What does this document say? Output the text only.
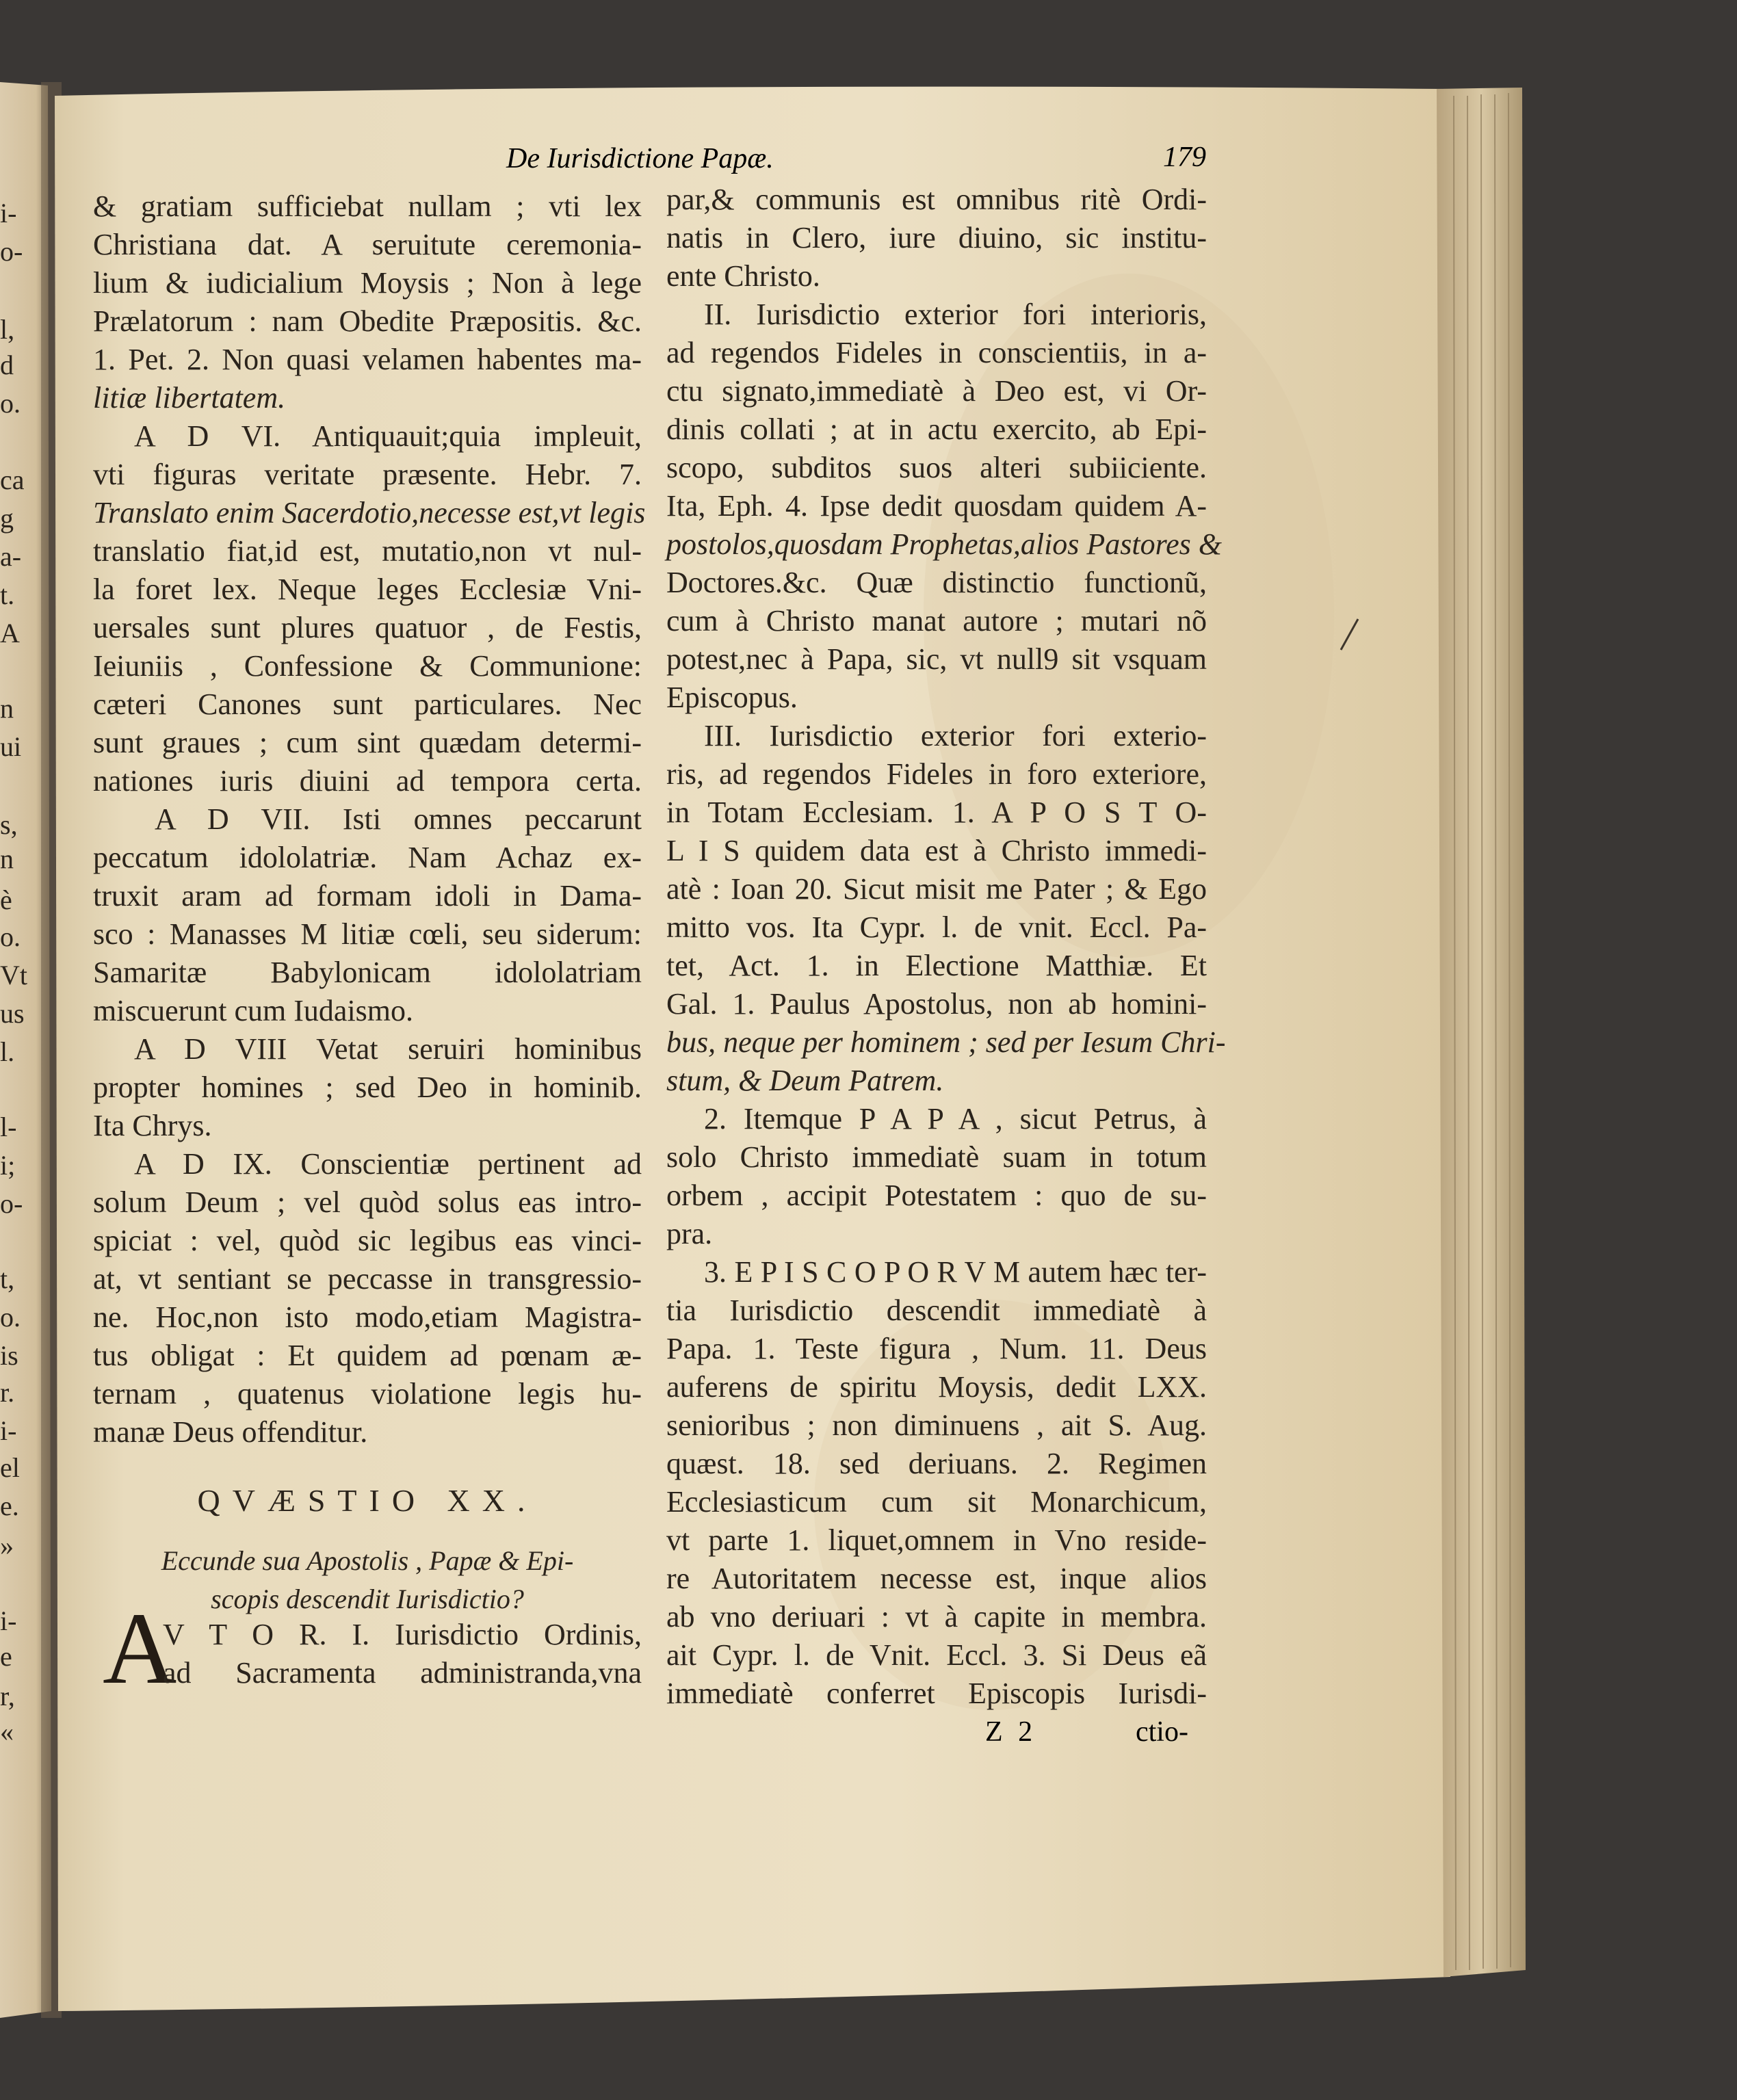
i-
o-
l,
d
o.
ca
g
a-
t.
A
n
ui
s,
n
è
o.
Vt
us
l.
l-
i;
o-
t,
o.
is
r.
i-
el
e.
»
i-
e
r,
«
De Iurisdictione Papæ.	179
& gratiam sufficiebat nullam ; vti lex
Christiana dat. A seruitute ceremonia-
lium & iudicialium Moysis ; Non à lege
Prælatorum : nam Obedite Præpositis. &c.
1. Pet. 2. Non quasi velamen habentes ma-
litiæ libertatem.
A D VI. Antiquauit;quia impleuit,
vti figuras veritate præsente. Hebr. 7.
Translato enim Sacerdotio,necesse est,vt legis
translatio fiat,id est, mutatio,non vt nul-
la foret lex. Neque leges Ecclesiæ Vni-
uersales sunt plures quatuor , de Festis,
Ieiuniis , Confessione & Communione:
cæteri Canones sunt particulares. Nec
sunt graues ; cum sint quædam determi-
nationes iuris diuini ad tempora certa.
A D VII. Isti omnes peccarunt
peccatum idololatriæ. Nam Achaz ex-
truxit aram ad formam idoli in Dama-
sco : Manasses M litiæ cœli, seu siderum:
Samaritæ Babylonicam idololatriam
miscuerunt cum Iudaismo.
A D VIII Vetat seruiri hominibus
propter homines ; sed Deo in hominib.
Ita Chrys.
A D IX. Conscientiæ pertinent ad
solum Deum ; vel quòd solus eas intro-
spiciat : vel, quòd sic legibus eas vinci-
at, vt sentiant se peccasse in transgressio-
ne. Hoc,non isto modo,etiam Magistra-
tus obligat : Et quidem ad pœnam æ-
ternam , quatenus violatione legis hu-
manæ Deus offenditur.
QVÆSTIO XX.
Eccunde sua Apostolis , Papæ & Epi-
scopis descendit Iurisdictio?
A
V T O R. I. Iurisdictio Ordinis,
ad Sacramenta administranda,vna
par,& communis est omnibus ritè Ordi-
natis in Clero, iure diuino, sic institu-
ente Christo.
II. Iurisdictio exterior fori interioris,
ad regendos Fideles in conscientiis, in a-
ctu signato,immediatè à Deo est, vi Or-
dinis collati ; at in actu exercito, ab Epi-
scopo, subditos suos alteri subiiciente.
Ita, Eph. 4. Ipse dedit quosdam quidem A-
postolos,quosdam Prophetas,alios Pastores &
Doctores.&c. Quæ distinctio functionũ,
cum à Christo manat autore ; mutari nõ
potest,nec à Papa, sic, vt null9 sit vsquam
Episcopus.
III. Iurisdictio exterior fori exterio-
ris, ad regendos Fideles in foro exteriore,
in Totam Ecclesiam. 1. A P O S T O-
L I S quidem data est à Christo immedi-
atè : Ioan 20. Sicut misit me Pater ; & Ego
mitto vos. Ita Cypr. l. de vnit. Eccl. Pa-
tet, Act. 1. in Electione Matthiæ. Et
Gal. 1. Paulus Apostolus, non ab homini-
bus, neque per hominem ; sed per Iesum Chri-
stum, & Deum Patrem.
2. Itemque P A P A , sicut Petrus, à
solo Christo immediatè suam in totum
orbem , accipit Potestatem : quo de su-
pra.
3. E P I S C O P O R V M autem hæc ter-
tia Iurisdictio descendit immediatè à
Papa. 1. Teste figura , Num. 11. Deus
auferens de spiritu Moysis, dedit LXX.
senioribus ; non diminuens , ait S. Aug.
quæst. 18. sed deriuans. 2. Regimen
Ecclesiasticum cum sit Monarchicum,
vt parte 1. liquet,omnem in Vno reside-
re Autoritatem necesse est, inque alios
ab vno deriuari : vt à capite in membra.
ait Cypr. l. de Vnit. Eccl. 3. Si Deus eã
immediatè conferret Episcopis Iurisdi-
Z 2	ctio-
